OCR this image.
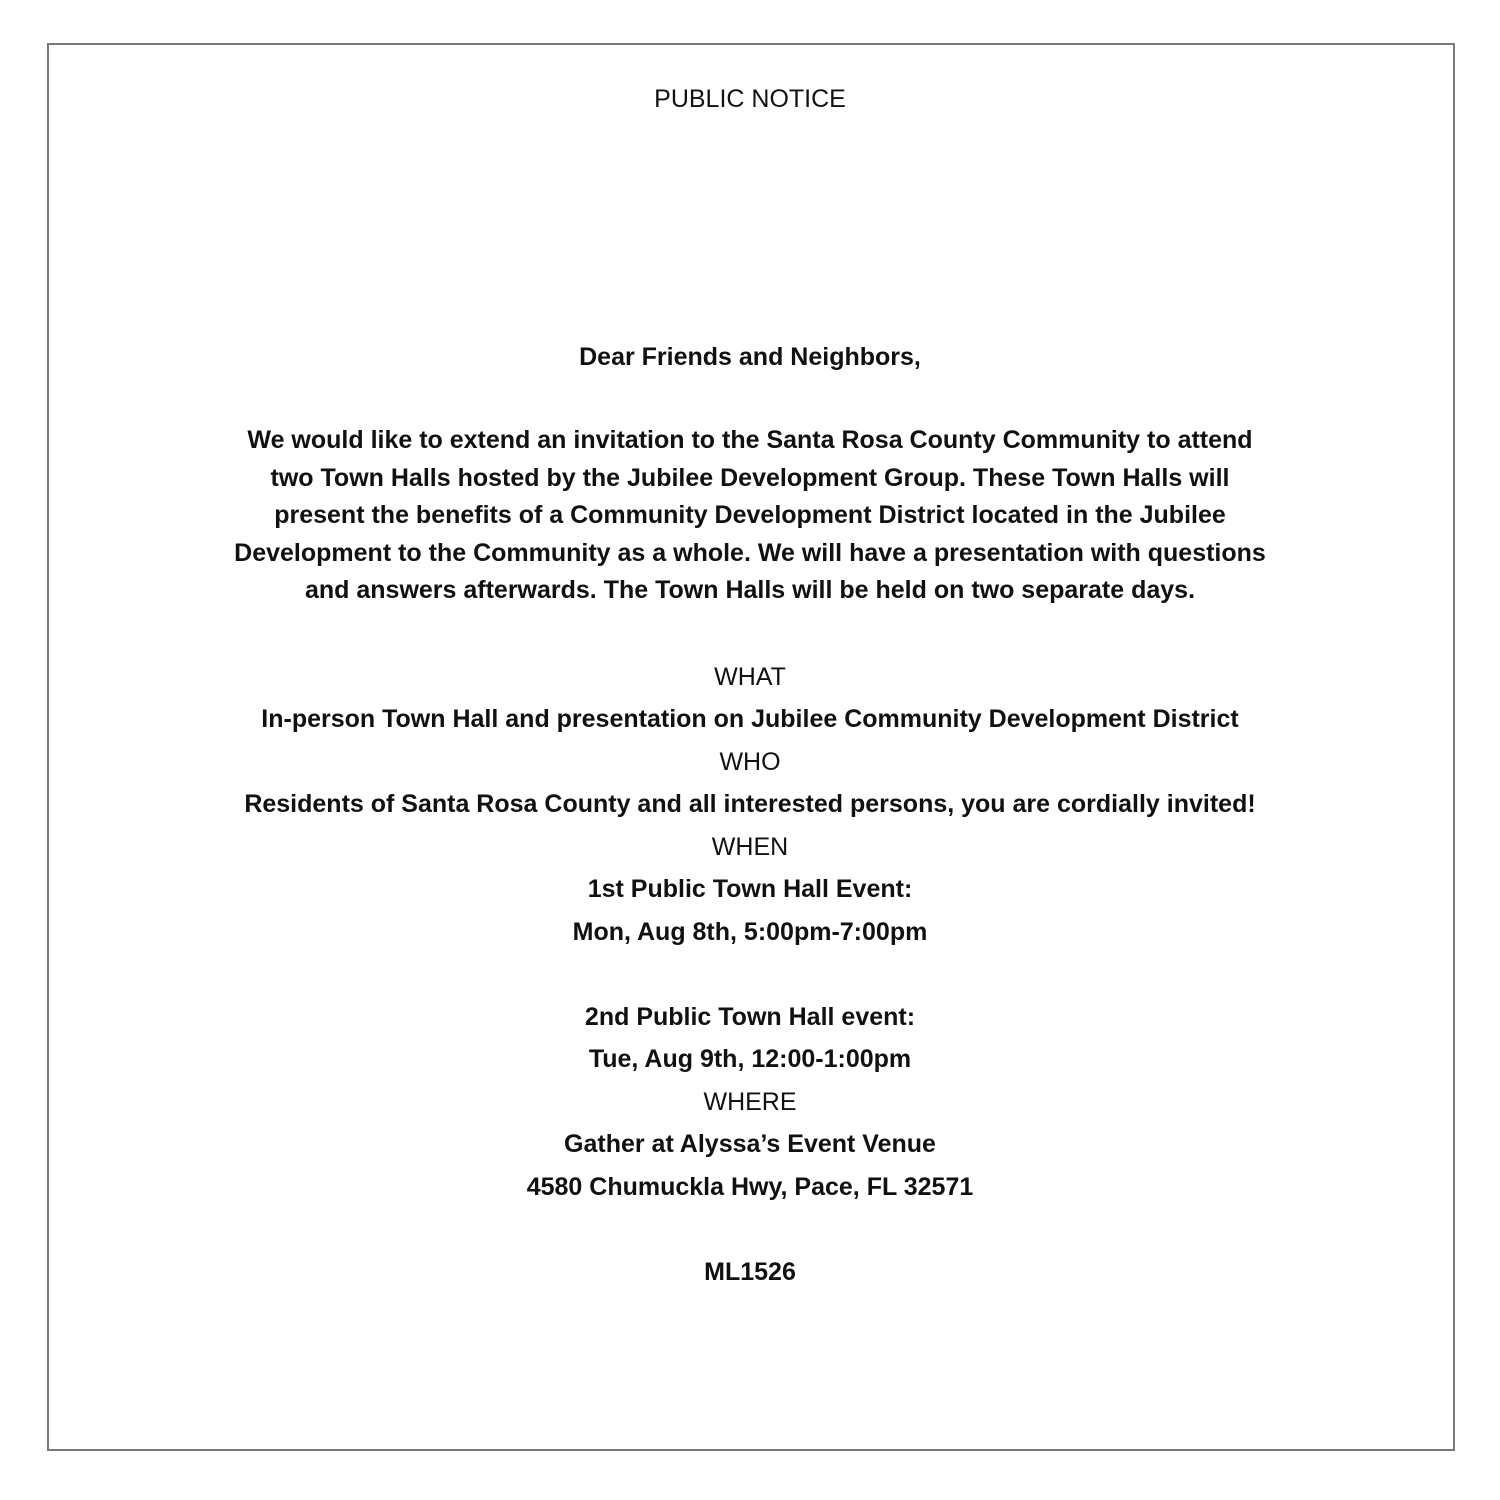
PUBLIC NOTICE
Dear Friends and Neighbors,
We would like to extend an invitation to the Santa Rosa County Community to attend
two Town Halls hosted by the Jubilee Development Group. These Town Halls will
present the benefits of a Community Development District located in the Jubilee
Development to the Community as a whole. We will have a presentation with questions
and answers afterwards. The Town Halls will be held on two separate days.
WHAT
In-person Town Hall and presentation on Jubilee Community Development District
WHO
Residents of Santa Rosa County and all interested persons, you are cordially invited!
WHEN
1st Public Town Hall Event:
Mon, Aug 8th, 5:00pm-7:00pm
2nd Public Town Hall event:
Tue, Aug 9th, 12:00-1:00pm
WHERE
Gather at Alyssa’s Event Venue
4580 Chumuckla Hwy, Pace, FL 32571
ML1526
